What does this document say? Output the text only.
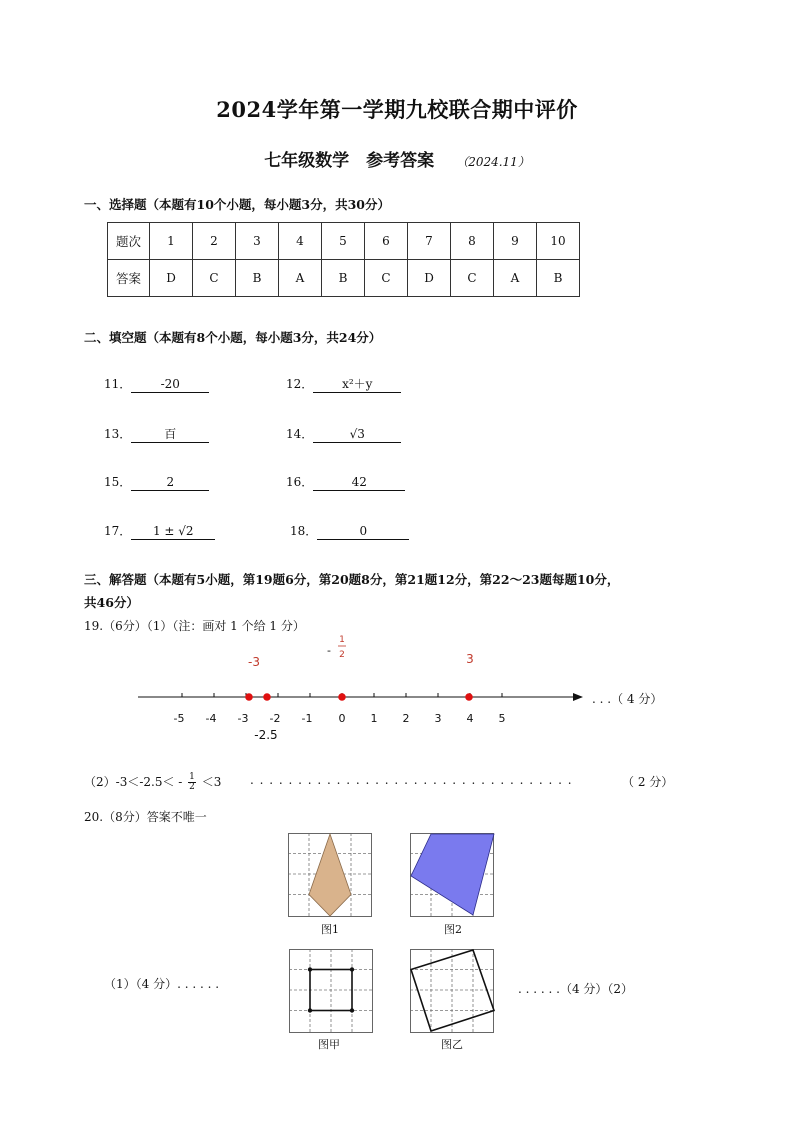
2024学年第一学期九校联合期中评价
七年级数学　参考答案 （2024.11）
一、选择题（本题有10个小题，每小题3分，共30分）
题次	1	2	3	4	5	6	7	8	9	10
答案	D	C	B	A	B	C	D	C	A	B
二、填空题（本题有8个小题，每小题3分，共24分）
11． -20	12． x²＋y
13．	百	14．	√3
15．	2	16．	42
17． 1 ± √2	18．	0
三、解答题（本题有5小题，第19题6分，第20题8分，第21题12分，第22～23题每题10分，
共46分）
19.（6分）（1）（注：画对 1 个给 1 分）
-5 -4 -3 -2 -1 0 1 2 3 4 5
-3
-
1
2	3
-2.5
. . .（ 4 分）
$(2)-3<-2.5< - \frac{1}{2} <3$ . . . . . . . . . . . . . . . . . . . . . . . . . . . . . . . . . .	（ 2 分）
20.（8分）答案不唯一
图1	图2
图甲	图乙
（1）（4 分）. . . . . .	. . . . . .（4 分）（2）
